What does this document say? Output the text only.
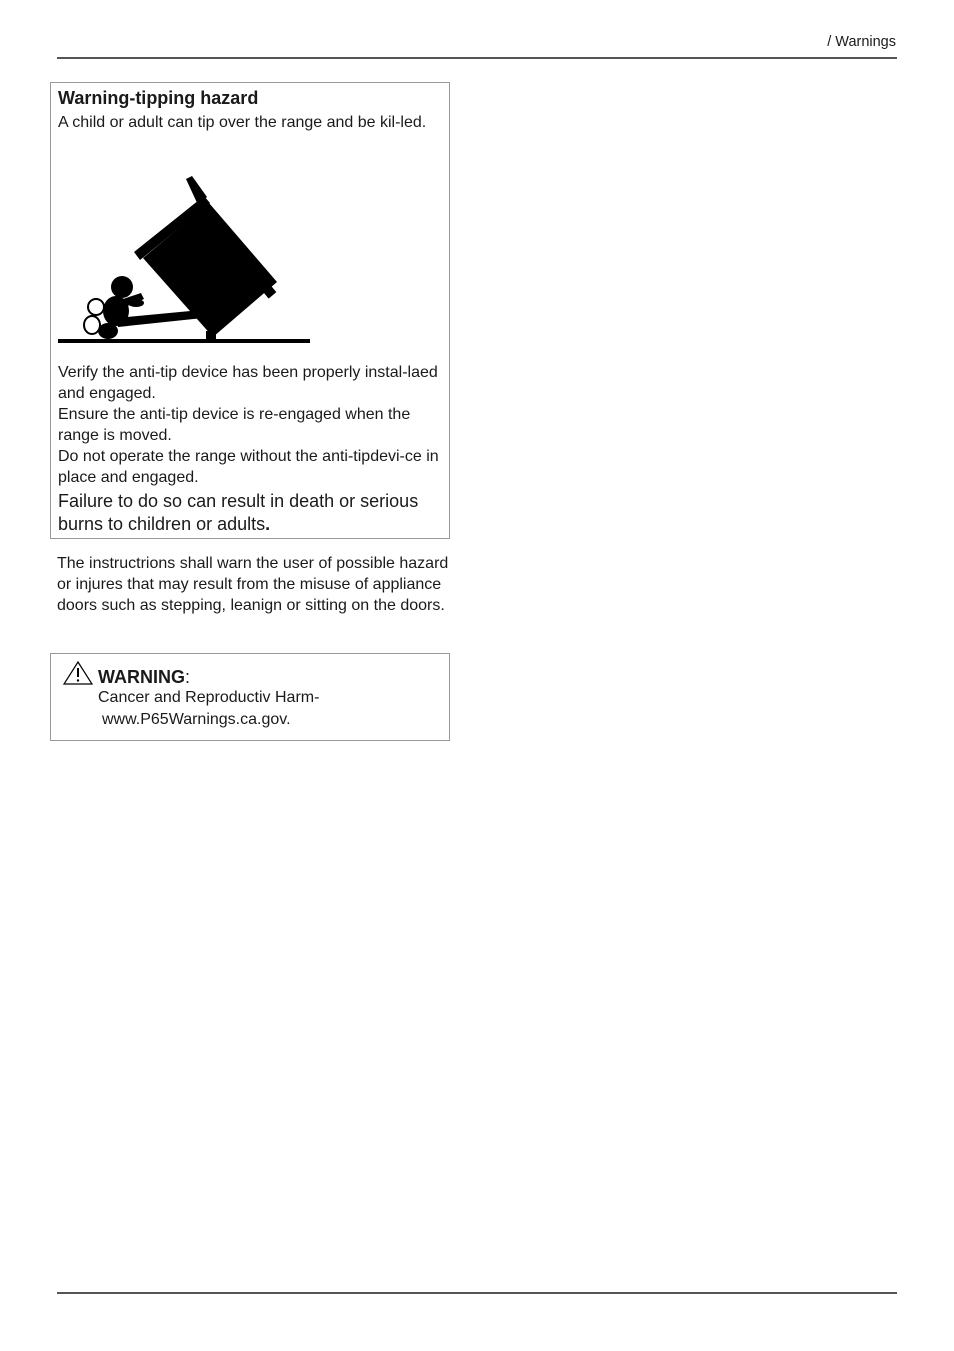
/ Warnings
Warning-tipping hazard
A child or adult can tip over the range and be kil-led.

Verify the anti-tip device has been properly instal-laed and engaged.

Ensure the anti-tip device is re-engaged when the range is moved.

Do not operate the range without the anti-tipdevi-ce in place and engaged.

Failure to do so can result in death or serious burns to children or adults.

The instructrions shall warn the user of possible hazard or injures that may result from the misuse of appliance doors such as stepping, leanign or sitting on the doors.

WARNING:
Cancer and Reproductiv Harm-
www.P65Warnings.ca.gov.
